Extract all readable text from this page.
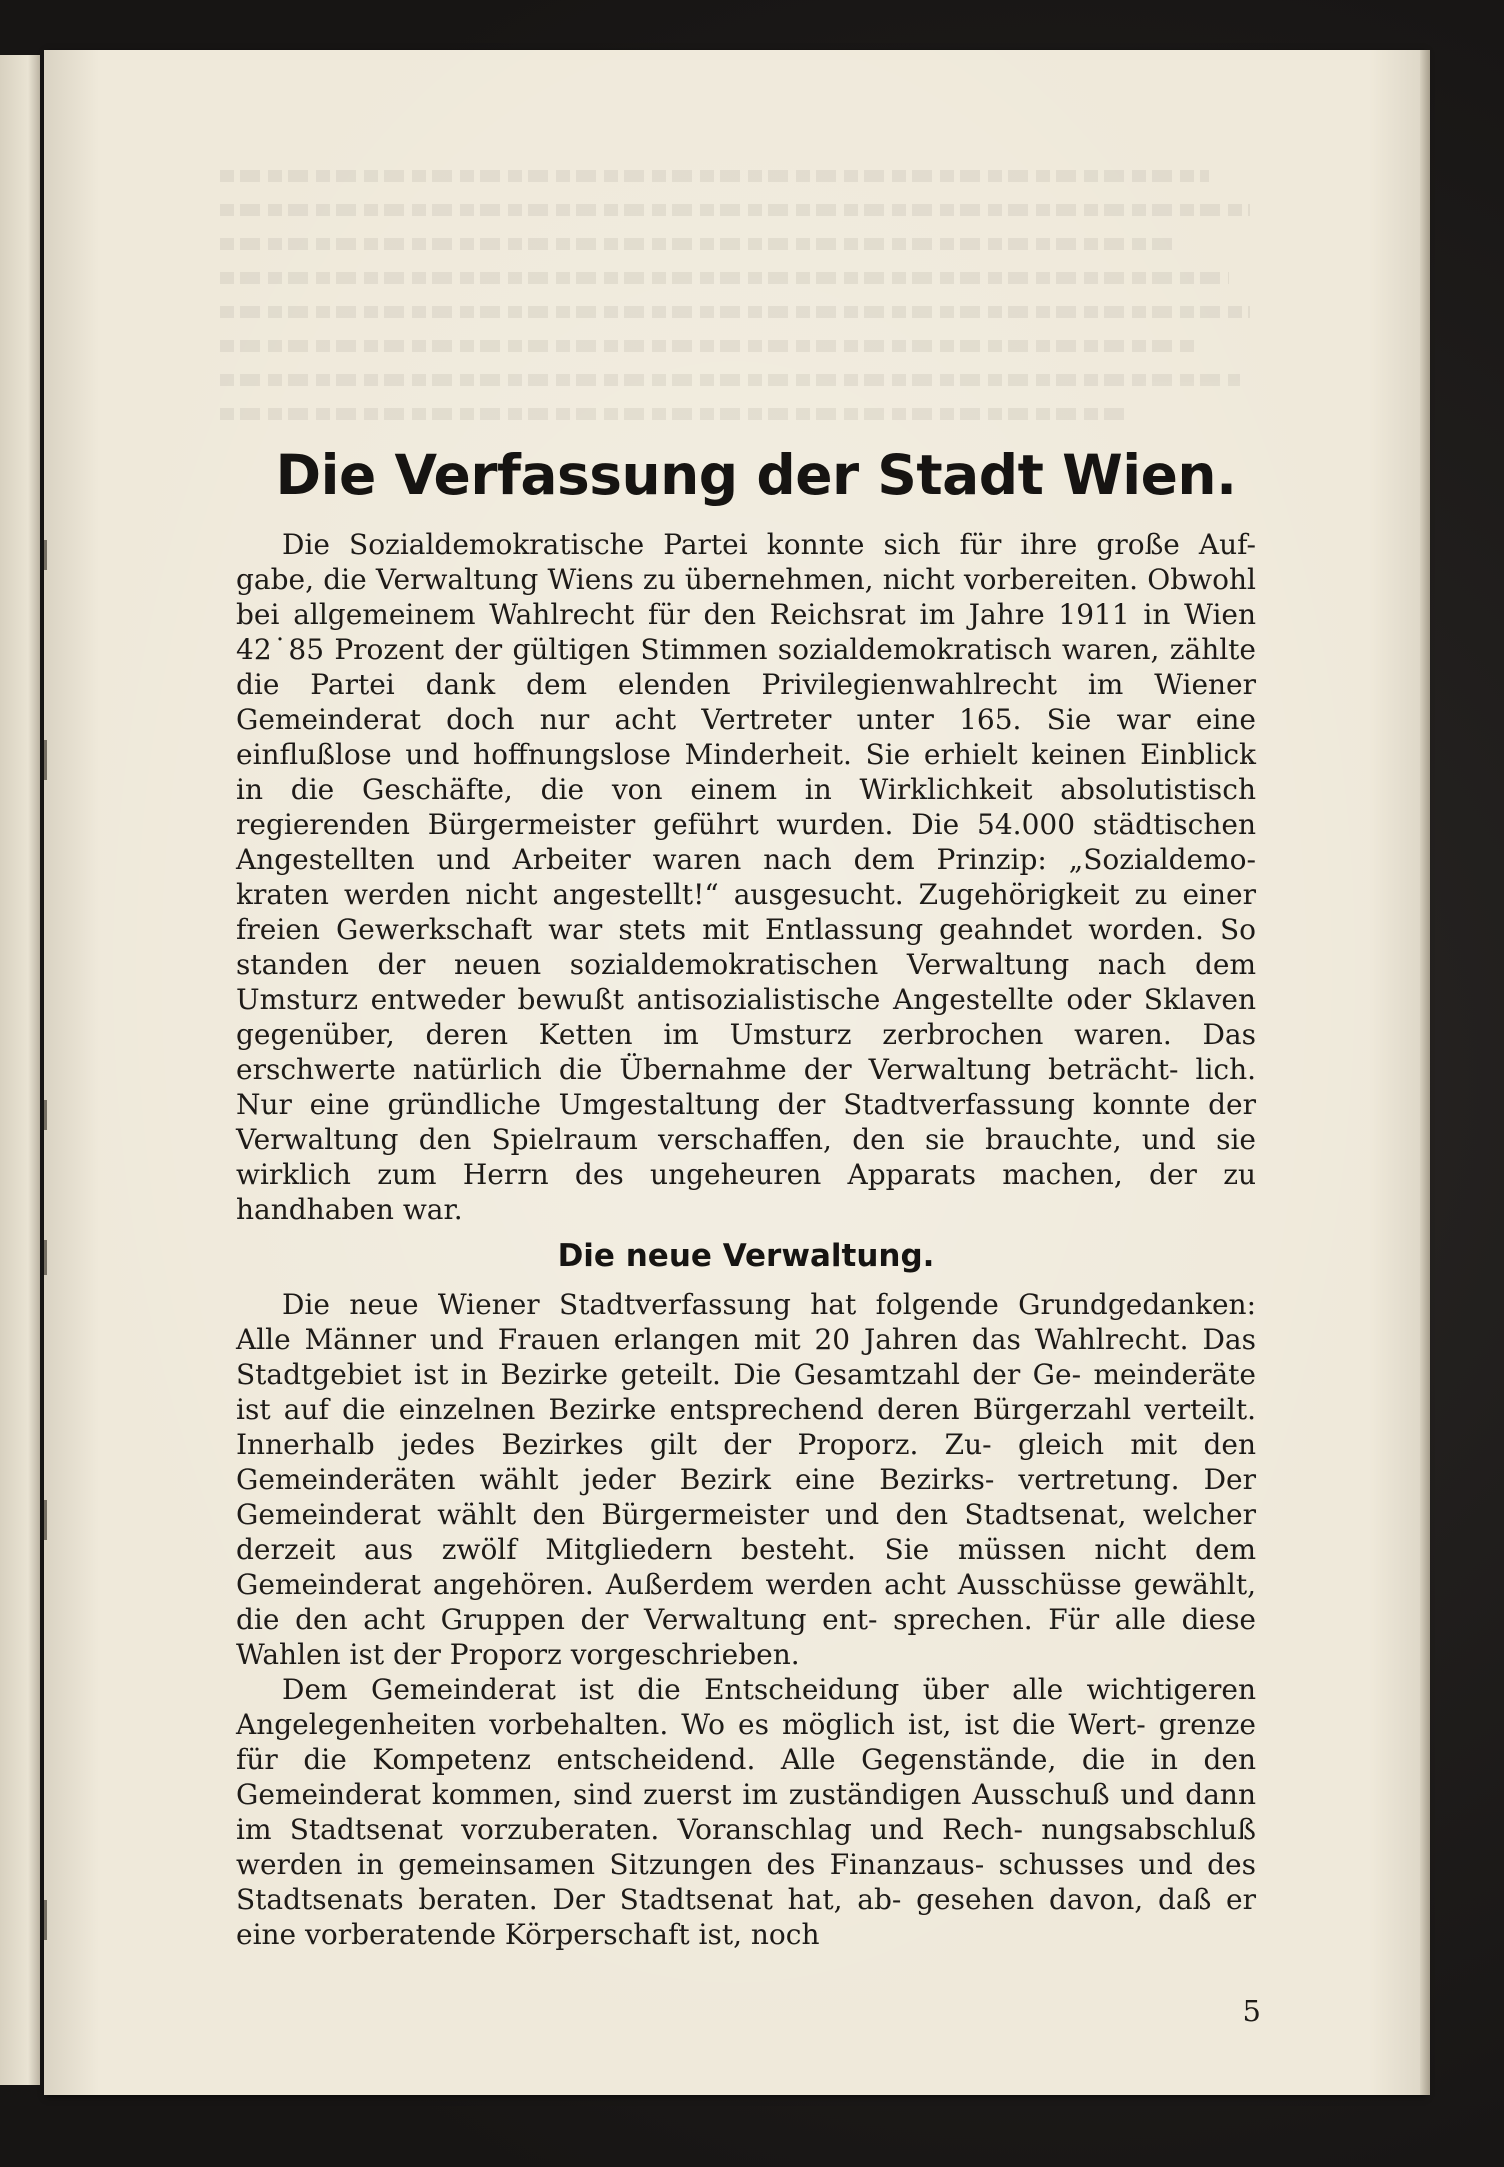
Die Verfassung der Stadt Wien.

Die Sozialdemokratische Partei konnte sich für ihre große Auf- gabe, die Verwaltung Wiens zu übernehmen, nicht vorbereiten. Obwohl bei allgemeinem Wahlrecht für den Reichsrat im Jahre 1911 in Wien 42˙85 Prozent der gültigen Stimmen sozialdemokratisch waren, zählte die Partei dank dem elenden Privilegienwahlrecht im Wiener Gemeinderat doch nur acht Vertreter unter 165. Sie war eine einflußlose und hoffnungslose Minderheit. Sie erhielt keinen Einblick in die Geschäfte, die von einem in Wirklichkeit absolutistisch regierenden Bürgermeister geführt wurden. Die 54.000 städtischen Angestellten und Arbeiter waren nach dem Prinzip: „Sozialdemo- kraten werden nicht angestellt!“ ausgesucht. Zugehörigkeit zu einer freien Gewerkschaft war stets mit Entlassung geahndet worden. So standen der neuen sozialdemokratischen Verwaltung nach dem Umsturz entweder bewußt antisozialistische Angestellte oder Sklaven gegenüber, deren Ketten im Umsturz zerbrochen waren. Das erschwerte natürlich die Übernahme der Verwaltung beträcht- lich. Nur eine gründliche Umgestaltung der Stadtverfassung konnte der Verwaltung den Spielraum verschaffen, den sie brauchte, und sie wirklich zum Herrn des ungeheuren Apparats machen, der zu handhaben war.

Die neue Verwaltung.

Die neue Wiener Stadtverfassung hat folgende Grundgedanken: Alle Männer und Frauen erlangen mit 20 Jahren das Wahlrecht. Das Stadtgebiet ist in Bezirke geteilt. Die Gesamtzahl der Ge- meinderäte ist auf die einzelnen Bezirke entsprechend deren Bürgerzahl verteilt. Innerhalb jedes Bezirkes gilt der Proporz. Zu- gleich mit den Gemeinderäten wählt jeder Bezirk eine Bezirks- vertretung. Der Gemeinderat wählt den Bürgermeister und den Stadtsenat, welcher derzeit aus zwölf Mitgliedern besteht. Sie müssen nicht dem Gemeinderat angehören. Außerdem werden acht Ausschüsse gewählt, die den acht Gruppen der Verwaltung ent- sprechen. Für alle diese Wahlen ist der Proporz vorgeschrieben.

Dem Gemeinderat ist die Entscheidung über alle wichtigeren Angelegenheiten vorbehalten. Wo es möglich ist, ist die Wert- grenze für die Kompetenz entscheidend. Alle Gegenstände, die in den Gemeinderat kommen, sind zuerst im zuständigen Ausschuß und dann im Stadtsenat vorzuberaten. Voranschlag und Rech- nungsabschluß werden in gemeinsamen Sitzungen des Finanzaus- schusses und des Stadtsenats beraten. Der Stadtsenat hat, ab- gesehen davon, daß er eine vorberatende Körperschaft ist, noch

5
